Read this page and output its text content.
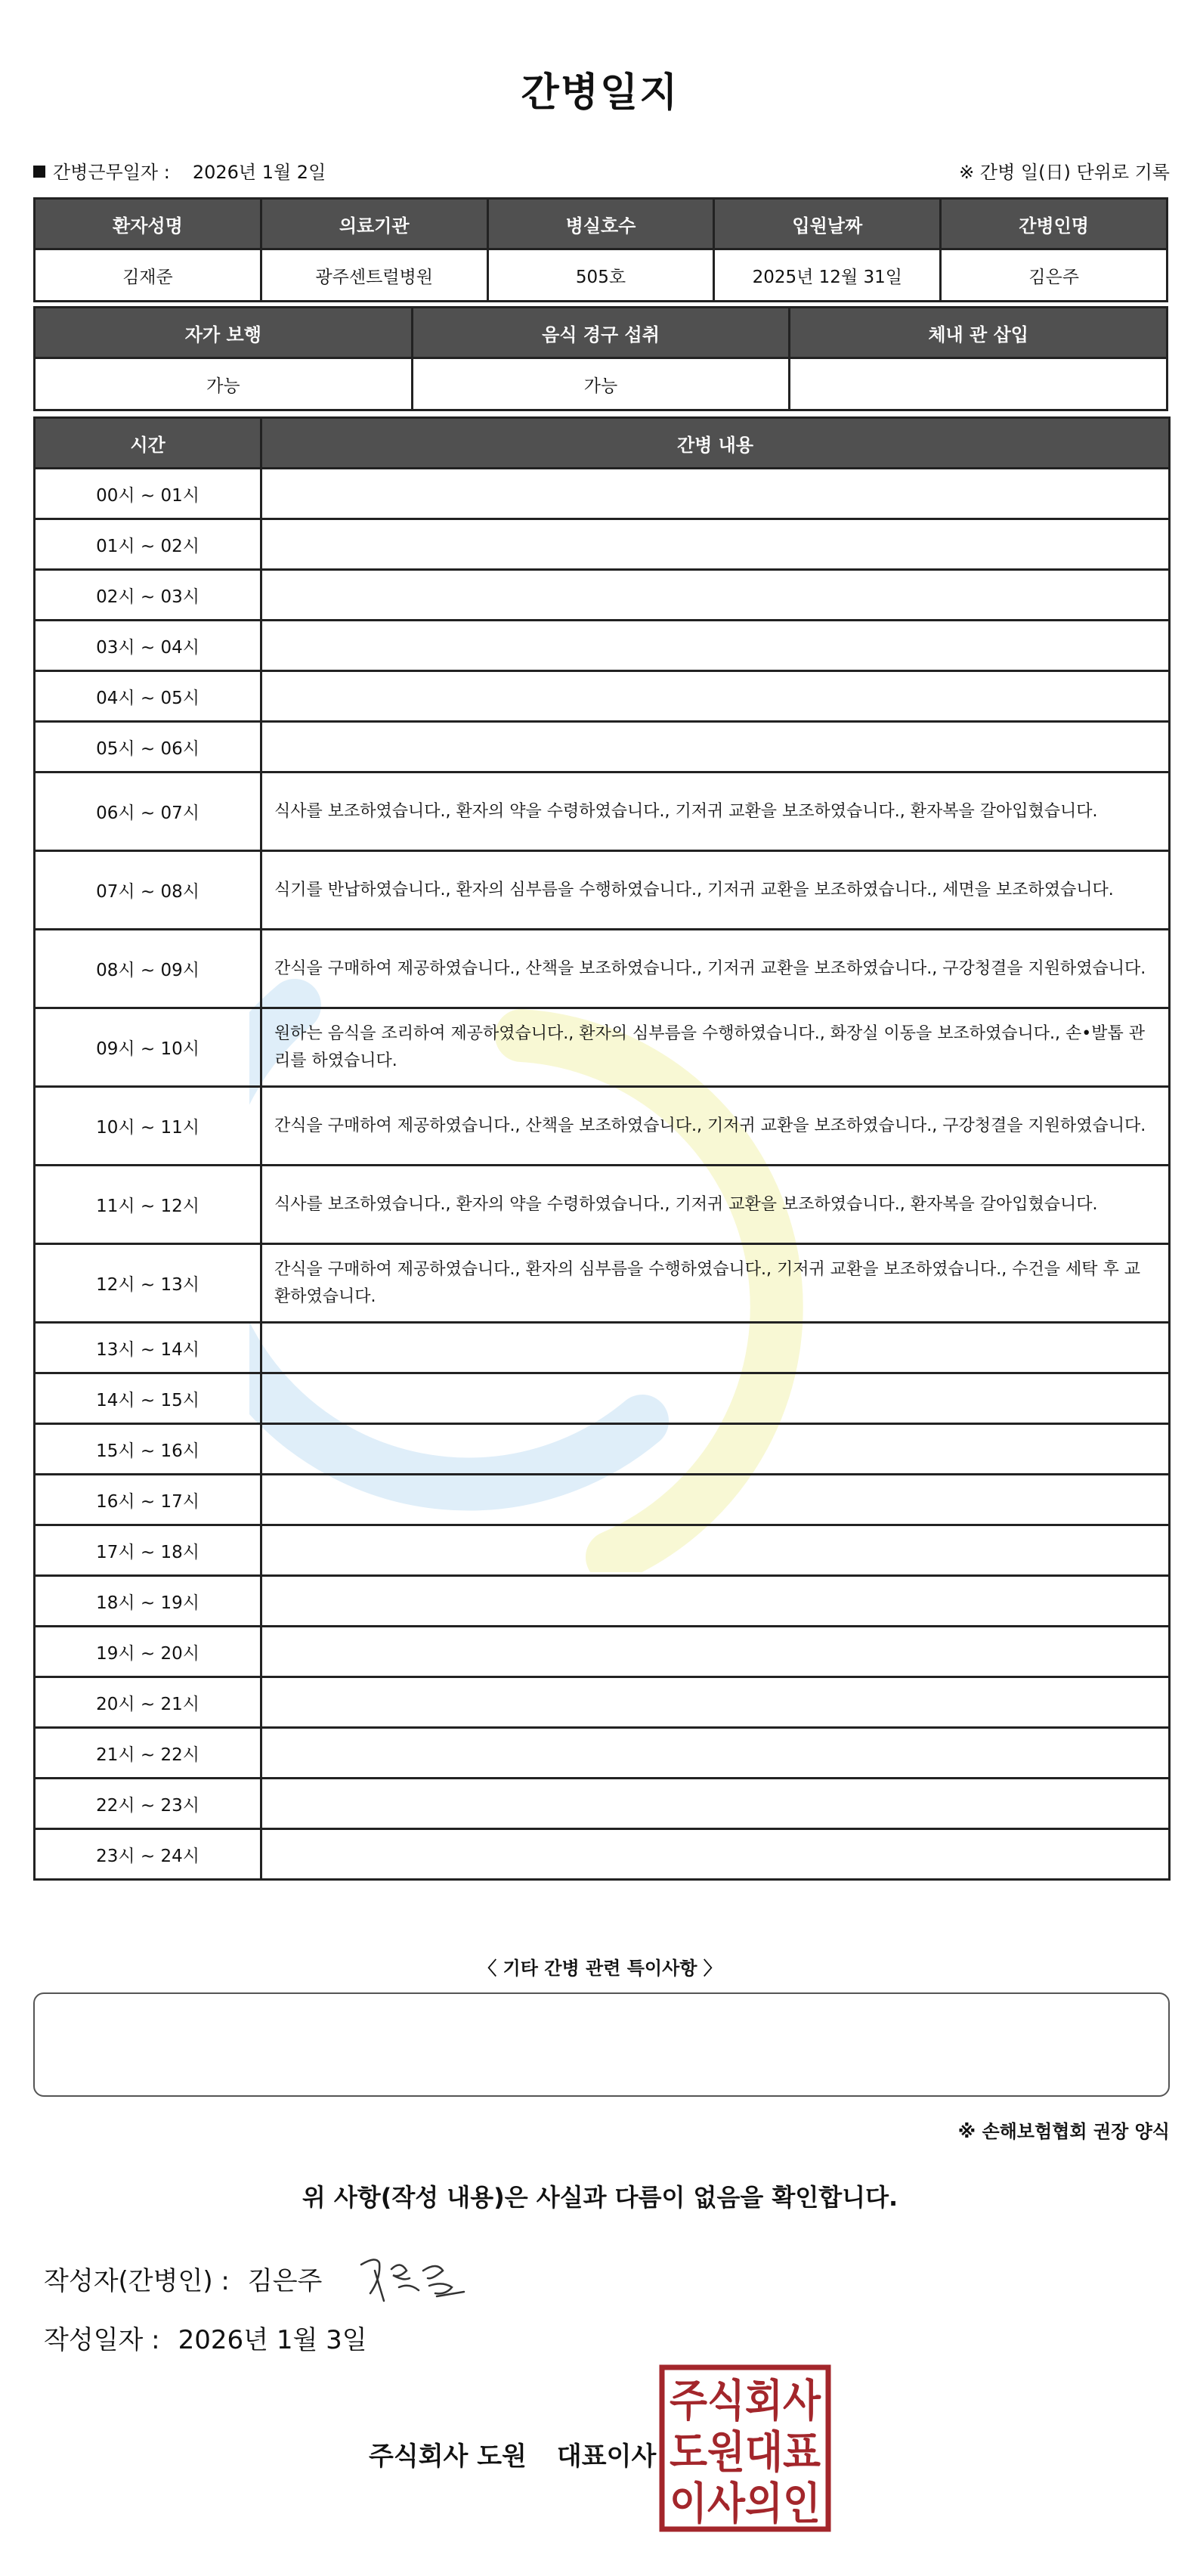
간병일지
간병근무일자 : 2026년 1월 2일	※ 간병 일(日) 단위로 기록
환자성명	의료기관	병실호수	입원날짜	간병인명
김재준	광주센트럴병원	505호	2025년 12월 31일	김은주
자가 보행	음식 경구 섭취	체내 관 삽입
가능	가능	
시간	간병 내용
00시 ~ 01시	
01시 ~ 02시	
02시 ~ 03시	
03시 ~ 04시	
04시 ~ 05시	
05시 ~ 06시	
06시 ~ 07시	식사를 보조하였습니다., 환자의 약을 수령하였습니다., 기저귀 교환을 보조하였습니다., 환자복을 갈아입혔습니다.
07시 ~ 08시	식기를 반납하였습니다., 환자의 심부름을 수행하였습니다., 기저귀 교환을 보조하였습니다., 세면을 보조하였습니다.
08시 ~ 09시	간식을 구매하여 제공하였습니다., 산책을 보조하였습니다., 기저귀 교환을 보조하였습니다., 구강청결을 지원하였습니다.
09시 ~ 10시	원하는 음식을 조리하여 제공하였습니다., 환자의 심부름을 수행하였습니다., 화장실 이동을 보조하였습니다., 손•발톱 관리를 하였습니다.
10시 ~ 11시	간식을 구매하여 제공하였습니다., 산책을 보조하였습니다., 기저귀 교환을 보조하였습니다., 구강청결을 지원하였습니다.
11시 ~ 12시	식사를 보조하였습니다., 환자의 약을 수령하였습니다., 기저귀 교환을 보조하였습니다., 환자복을 갈아입혔습니다.
12시 ~ 13시	간식을 구매하여 제공하였습니다., 환자의 심부름을 수행하였습니다., 기저귀 교환을 보조하였습니다., 수건을 세탁 후 교환하였습니다.
13시 ~ 14시	
14시 ~ 15시	
15시 ~ 16시	
16시 ~ 17시	
17시 ~ 18시	
18시 ~ 19시	
19시 ~ 20시	
20시 ~ 21시	
21시 ~ 22시	
22시 ~ 23시	
23시 ~ 24시	
〈 기타 간병 관련 특이사항 〉
※ 손해보험협회 권장 양식
위 사항(작성 내용)은 사실과 다름이 없음을 확인합니다.
작성자(간병인) : 김은주
작성일자 : 2026년 1월 3일
주식회사 도원 대표이사
주식회사
도원대표
이사의인
